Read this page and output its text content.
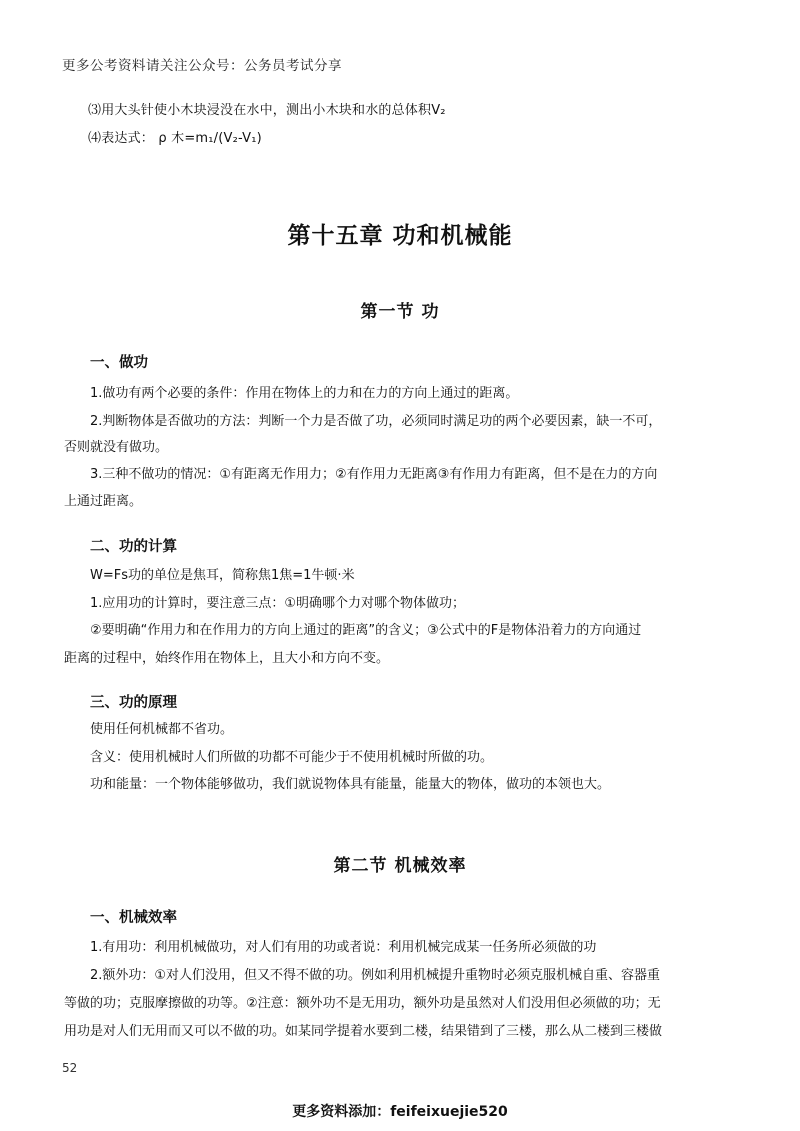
更多公考资料请关注公众号：公务员考试分享
⑶用大头针使小木块浸没在水中，测出小木块和水的总体积V₂
⑷表达式： ρ 木=m₁/(V₂-V₁)
第十五章 功和机械能
第一节 功
一、做功
1.做功有两个必要的条件：作用在物体上的力和在力的方向上通过的距离。
2.判断物体是否做功的方法：判断一个力是否做了功，必须同时满足功的两个必要因素，缺一不可，
否则就没有做功。
3.三种不做功的情况：①有距离无作用力；②有作用力无距离③有作用力有距离，但不是在力的方向
上通过距离。
二、功的计算
W=Fs功的单位是焦耳，简称焦1焦=1牛顿·米
1.应用功的计算时，要注意三点：①明确哪个力对哪个物体做功；
②要明确“作用力和在作用力的方向上通过的距离”的含义；③公式中的F是物体沿着力的方向通过
距离的过程中，始终作用在物体上，且大小和方向不变。
三、功的原理
使用任何机械都不省功。
含义：使用机械时人们所做的功都不可能少于不使用机械时所做的功。
功和能量：一个物体能够做功，我们就说物体具有能量，能量大的物体，做功的本领也大。
第二节 机械效率
一、机械效率
1.有用功：利用机械做功，对人们有用的功或者说：利用机械完成某一任务所必须做的功
2.额外功：①对人们没用，但又不得不做的功。例如利用机械提升重物时必须克服机械自重、容器重
等做的功；克服摩擦做的功等。②注意：额外功不是无用功，额外功是虽然对人们没用但必须做的功；无
用功是对人们无用而又可以不做的功。如某同学提着水要到二楼，结果错到了三楼，那么从二楼到三楼做
52
更多资料添加：feifeixuejie520
